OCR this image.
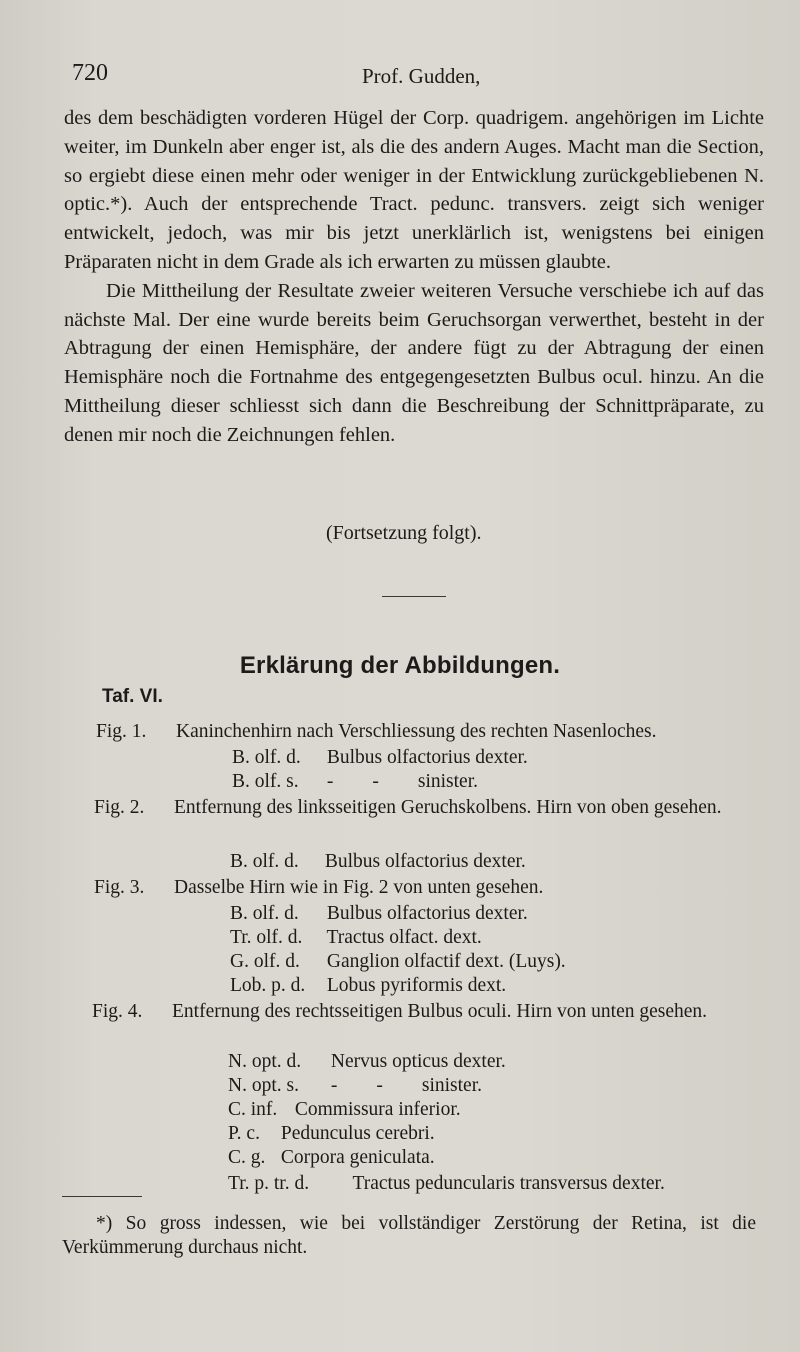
720	Prof. Gudden,

des dem beschädigten vorderen Hügel der Corp. quadrigem. angehörigen im Lichte weiter, im Dunkeln aber enger ist, als die des andern Auges. Macht man die Section, so ergiebt diese einen mehr oder weniger in der Entwicklung zurückgebliebenen N. optic.*). Auch der entsprechende Tract. pedunc. transvers. zeigt sich weniger entwickelt, jedoch, was mir bis jetzt unerklärlich ist, wenigstens bei einigen Präparaten nicht in dem Grade als ich erwarten zu müssen glaubte.

Die Mittheilung der Resultate zweier weiteren Versuche verschiebe ich auf das nächste Mal. Der eine wurde bereits beim Geruchsorgan verwerthet, besteht in der Abtragung der einen Hemisphäre, der andere fügt zu der Abtragung der einen Hemisphäre noch die Fortnahme des entgegengesetzten Bulbus ocul. hinzu. An die Mittheilung dieser schliesst sich dann die Beschreibung der Schnittpräparate, zu denen mir noch die Zeichnungen fehlen.

(Fortsetzung folgt).
Erklärung der Abbildungen.
Taf. VI.
Fig. 1.	Kaninchenhirn nach Verschliessung des rechten Nasenloches.
B. olf. d. Bulbus olfactorius dexter.
B. olf. s. -        -        sinister.
Fig. 2.	Entfernung des linksseitigen Geruchskolbens. Hirn von oben gesehen.
B. olf. d. Bulbus olfactorius dexter.
Fig. 3.	Dasselbe Hirn wie in Fig. 2 von unten gesehen.
B. olf. d. Bulbus olfactorius dexter.
Tr. olf. d. Tractus olfact. dext.
G. olf. d. Ganglion olfactif dext. (Luys).
Lob. p. d. Lobus pyriformis dext.
Fig. 4.	Entfernung des rechtsseitigen Bulbus oculi. Hirn von unten gesehen.
N. opt. d. Nervus opticus dexter.
N. opt. s. -        -        sinister.
C. inf. Commissura inferior.
P. c. Pedunculus cerebri.
C. g. Corpora geniculata.
Tr. p. tr. d. Tractus peduncularis transversus dexter.
*) So gross indessen, wie bei vollständiger Zerstörung der Retina, ist die Verkümmerung durchaus nicht.
